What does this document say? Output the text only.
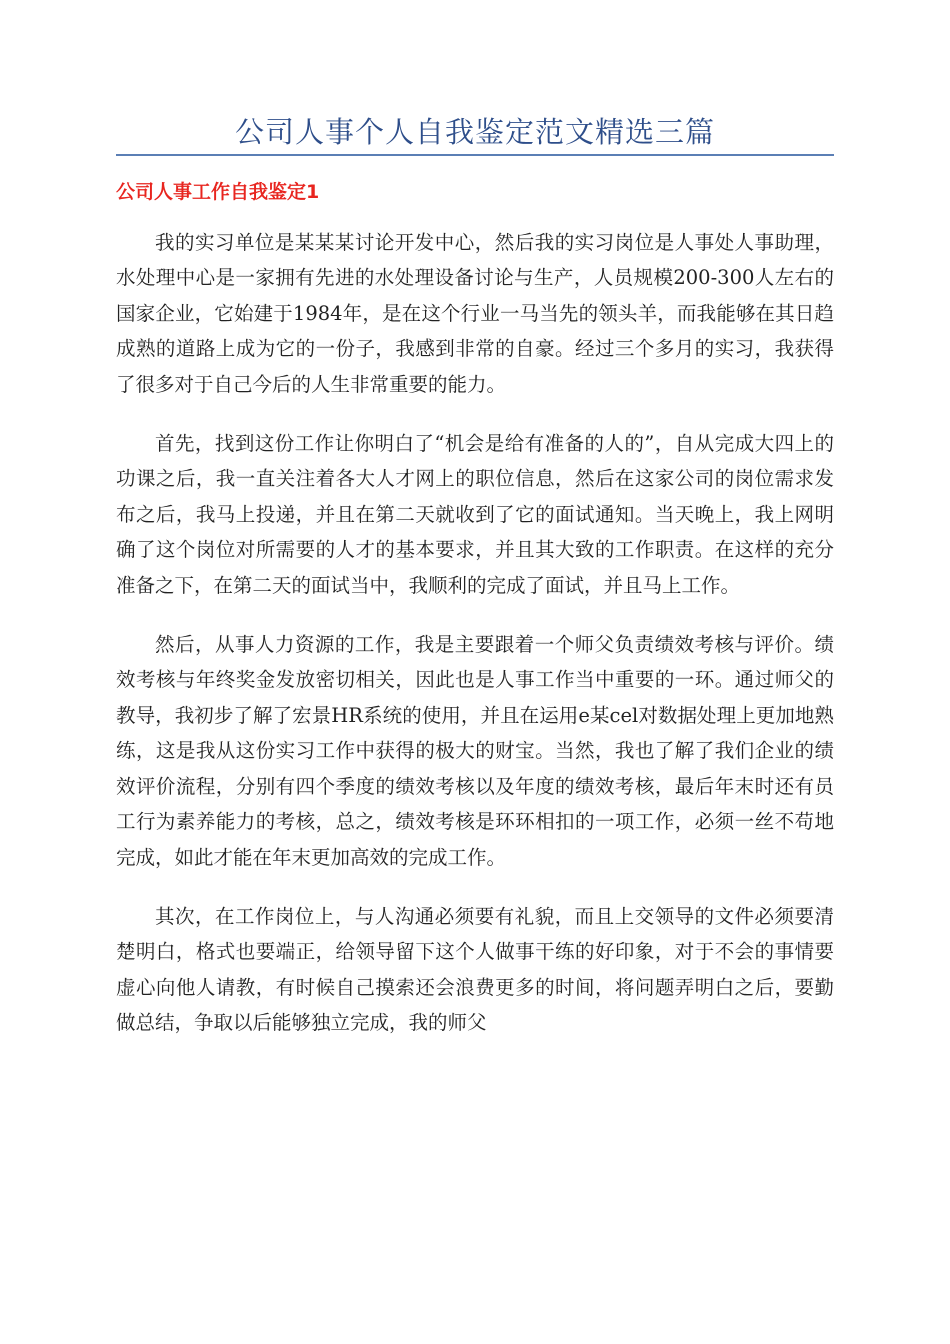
公司人事个人自我鉴定范文精选三篇
公司人事工作自我鉴定1

我的实习单位是某某某讨论开发中心，然后我的实习岗位是人事处人事助理，水处理中心是一家拥有先进的水处理设备讨论与生产，人员规模200-300人左右的国家企业，它始建于1984年，是在这个行业一马当先的领头羊，而我能够在其日趋成熟的道路上成为它的一份子，我感到非常的自豪。经过三个多月的实习，我获得了很多对于自己今后的人生非常重要的能力。

首先，找到这份工作让你明白了“机会是给有准备的人的”，自从完成大四上的功课之后，我一直关注着各大人才网上的职位信息，然后在这家公司的岗位需求发布之后，我马上投递，并且在第二天就收到了它的面试通知。当天晚上，我上网明确了这个岗位对所需要的人才的基本要求，并且其大致的工作职责。在这样的充分准备之下，在第二天的面试当中，我顺利的完成了面试，并且马上工作。

然后，从事人力资源的工作，我是主要跟着一个师父负责绩效考核与评价。绩效考核与年终奖金发放密切相关，因此也是人事工作当中重要的一环。通过师父的教导，我初步了解了宏景HR系统的使用，并且在运用e某cel对数据处理上更加地熟练，这是我从这份实习工作中获得的极大的财宝。当然，我也了解了我们企业的绩效评价流程，分别有四个季度的绩效考核以及年度的绩效考核，最后年末时还有员工行为素养能力的考核，总之，绩效考核是环环相扣的一项工作，必须一丝不苟地完成，如此才能在年末更加高效的完成工作。

其次，在工作岗位上，与人沟通必须要有礼貌，而且上交领导的文件必须要清楚明白，格式也要端正，给领导留下这个人做事干练的好印象，对于不会的事情要虚心向他人请教，有时候自己摸索还会浪费更多的时间，将问题弄明白之后，要勤做总结，争取以后能够独立完成，我的师父
